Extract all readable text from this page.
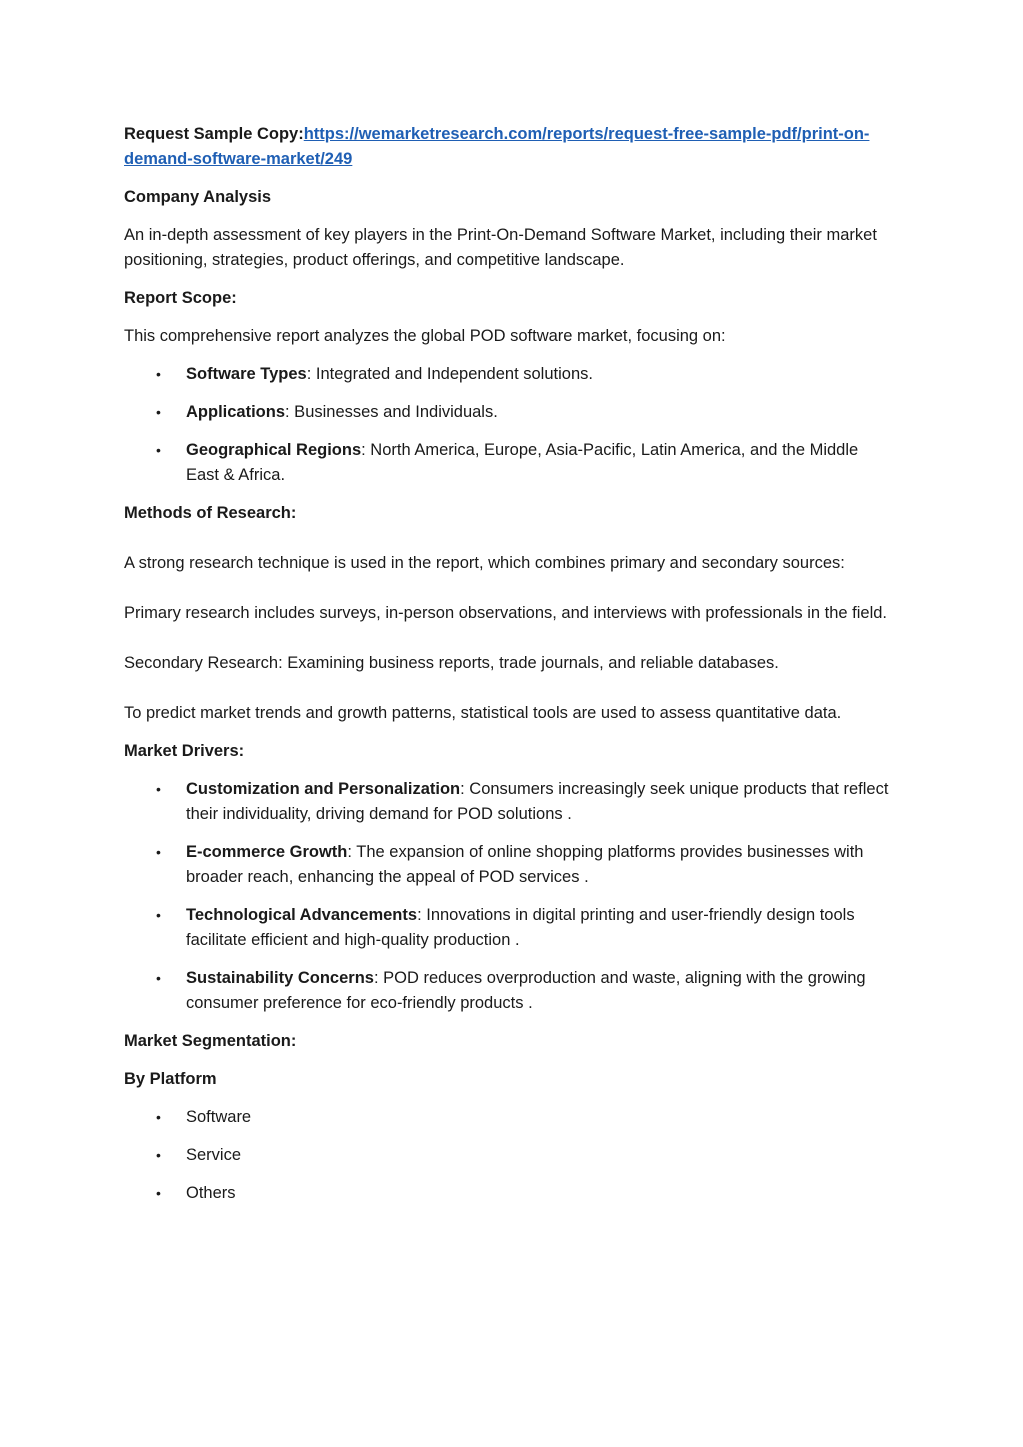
Request Sample Copy:https://wemarketresearch.com/reports/request-free-sample-pdf/print-on-demand-software-market/249

Company Analysis

An in-depth assessment of key players in the Print-On-Demand Software Market, including their market positioning, strategies, product offerings, and competitive landscape.

Report Scope:

This comprehensive report analyzes the global POD software market, focusing on:

• Software Types: Integrated and Independent solutions.
• Applications: Businesses and Individuals.
• Geographical Regions: North America, Europe, Asia-Pacific, Latin America, and the Middle East & Africa.

Methods of Research:

A strong research technique is used in the report, which combines primary and secondary sources:

Primary research includes surveys, in-person observations, and interviews with professionals in the field.

Secondary Research: Examining business reports, trade journals, and reliable databases.

To predict market trends and growth patterns, statistical tools are used to assess quantitative data.

Market Drivers:

• Customization and Personalization: Consumers increasingly seek unique products that reflect their individuality, driving demand for POD solutions .
• E-commerce Growth: The expansion of online shopping platforms provides businesses with broader reach, enhancing the appeal of POD services .
• Technological Advancements: Innovations in digital printing and user-friendly design tools facilitate efficient and high-quality production .
• Sustainability Concerns: POD reduces overproduction and waste, aligning with the growing consumer preference for eco-friendly products .

Market Segmentation:

By Platform

• Software
• Service
• Others
